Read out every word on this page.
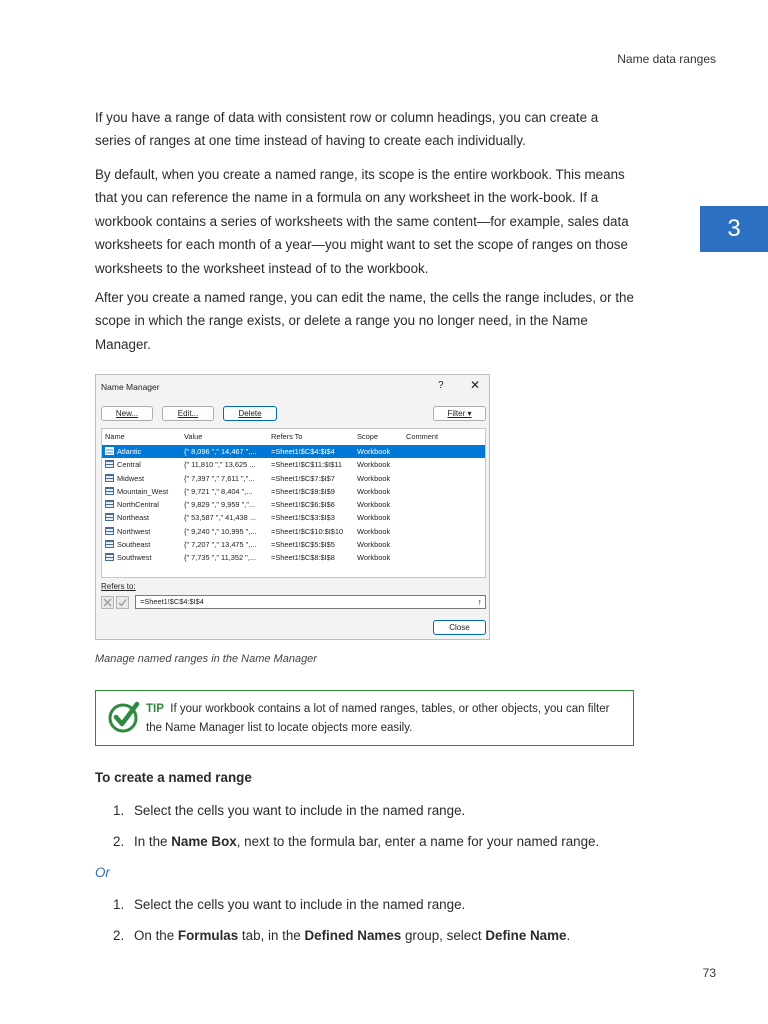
Name data ranges
3

If you have a range of data with consistent row or column headings, you can create a series of ranges at one time instead of having to create each individually.

By default, when you create a named range, its scope is the entire workbook. This means that you can reference the name in a formula on any worksheet in the work-book. If a workbook contains a series of worksheets with the same content—for example, sales data worksheets for each month of a year—you might want to set the scope of ranges on those worksheets to the worksheet instead of to the workbook.

After you create a named range, you can edit the name, the cells the range includes, or the scope in which the range exists, or delete a range you no longer need, in the Name Manager.

Name Manager	? ✕
New...	Edit...	Delete	Filter ▾
Name	Value	Refers To	Scope	Comment
Atlantic	{" 8,096 "," 14,467 ",...	=Sheet1!$C$4:$I$4	Workbook
Central	{" 11,810 "," 13,625 ...	=Sheet1!$C$11:$I$11	Workbook
Midwest	{" 7,397 "," 7,611 ","...	=Sheet1!$C$7:$I$7	Workbook
Mountain_West	{" 9,721 "," 8,404 ",...	=Sheet1!$C$9:$I$9	Workbook
NorthCentral	{" 9,829 "," 9,959 ","...	=Sheet1!$C$6:$I$6	Workbook
Northeast	{" 53,587 "," 41,438 ...	=Sheet1!$C$3:$I$3	Workbook
Northwest	{" 9,240 "," 10,995 ",...	=Sheet1!$C$10:$I$10	Workbook
Southeast	{" 7,207 "," 13,475 ",...	=Sheet1!$C$5:$I$5	Workbook
Southwest	{" 7,735 "," 11,352 ",...	=Sheet1!$C$8:$I$8	Workbook
Refers to:
=Sheet1!$C$4:$I$4	↑
Close
Manage named ranges in the Name Manager
TIP If your workbook contains a lot of named ranges, tables, or other objects, you can filter the Name Manager list to locate objects more easily.
To create a named range
1. Select the cells you want to include in the named range.
2. In the Name Box, next to the formula bar, enter a name for your named range.
Or
1. Select the cells you want to include in the named range.
2. On the Formulas tab, in the Defined Names group, select Define Name.
73
